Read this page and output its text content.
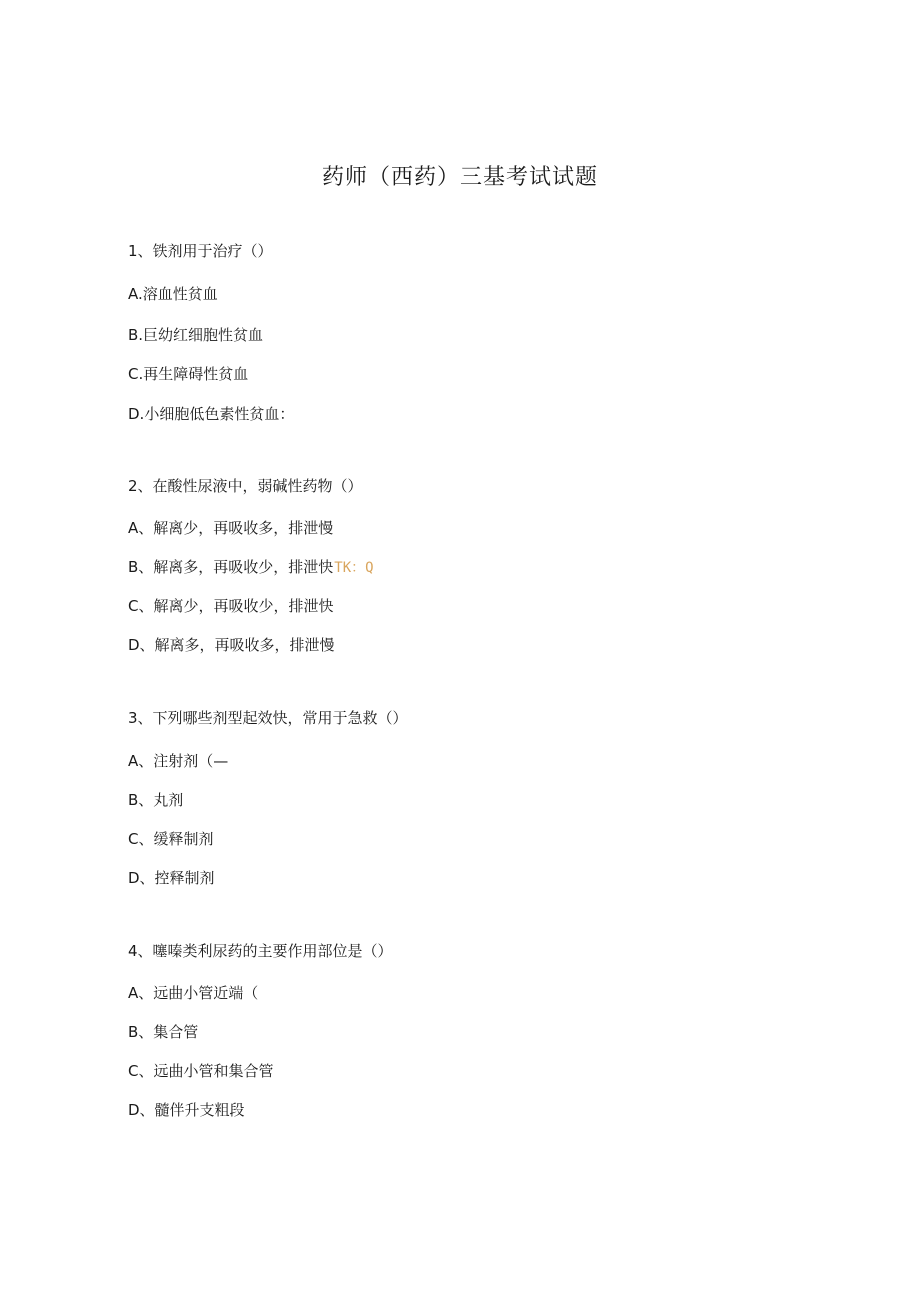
药师（西药）三基考试试题
1、铁剂用于治疗（）
A.溶血性贫血
B.巨幼红细胞性贫血
C.再生障碍性贫血
D.小细胞低色素性贫血：
2、在酸性尿液中，弱碱性药物（）
A、解离少，再吸收多，排泄慢
B、解离多，再吸收少，排泄快TK：Q
C、解离少，再吸收少，排泄快
D、解离多，再吸收多，排泄慢
3、下列哪些剂型起效快，常用于急救（）
A、注射剂（—
B、丸剂
C、缓释制剂
D、控释制剂
4、噻嗪类利尿药的主要作用部位是（）
A、远曲小管近端（
B、集合管
C、远曲小管和集合管
D、髓伴升支粗段
